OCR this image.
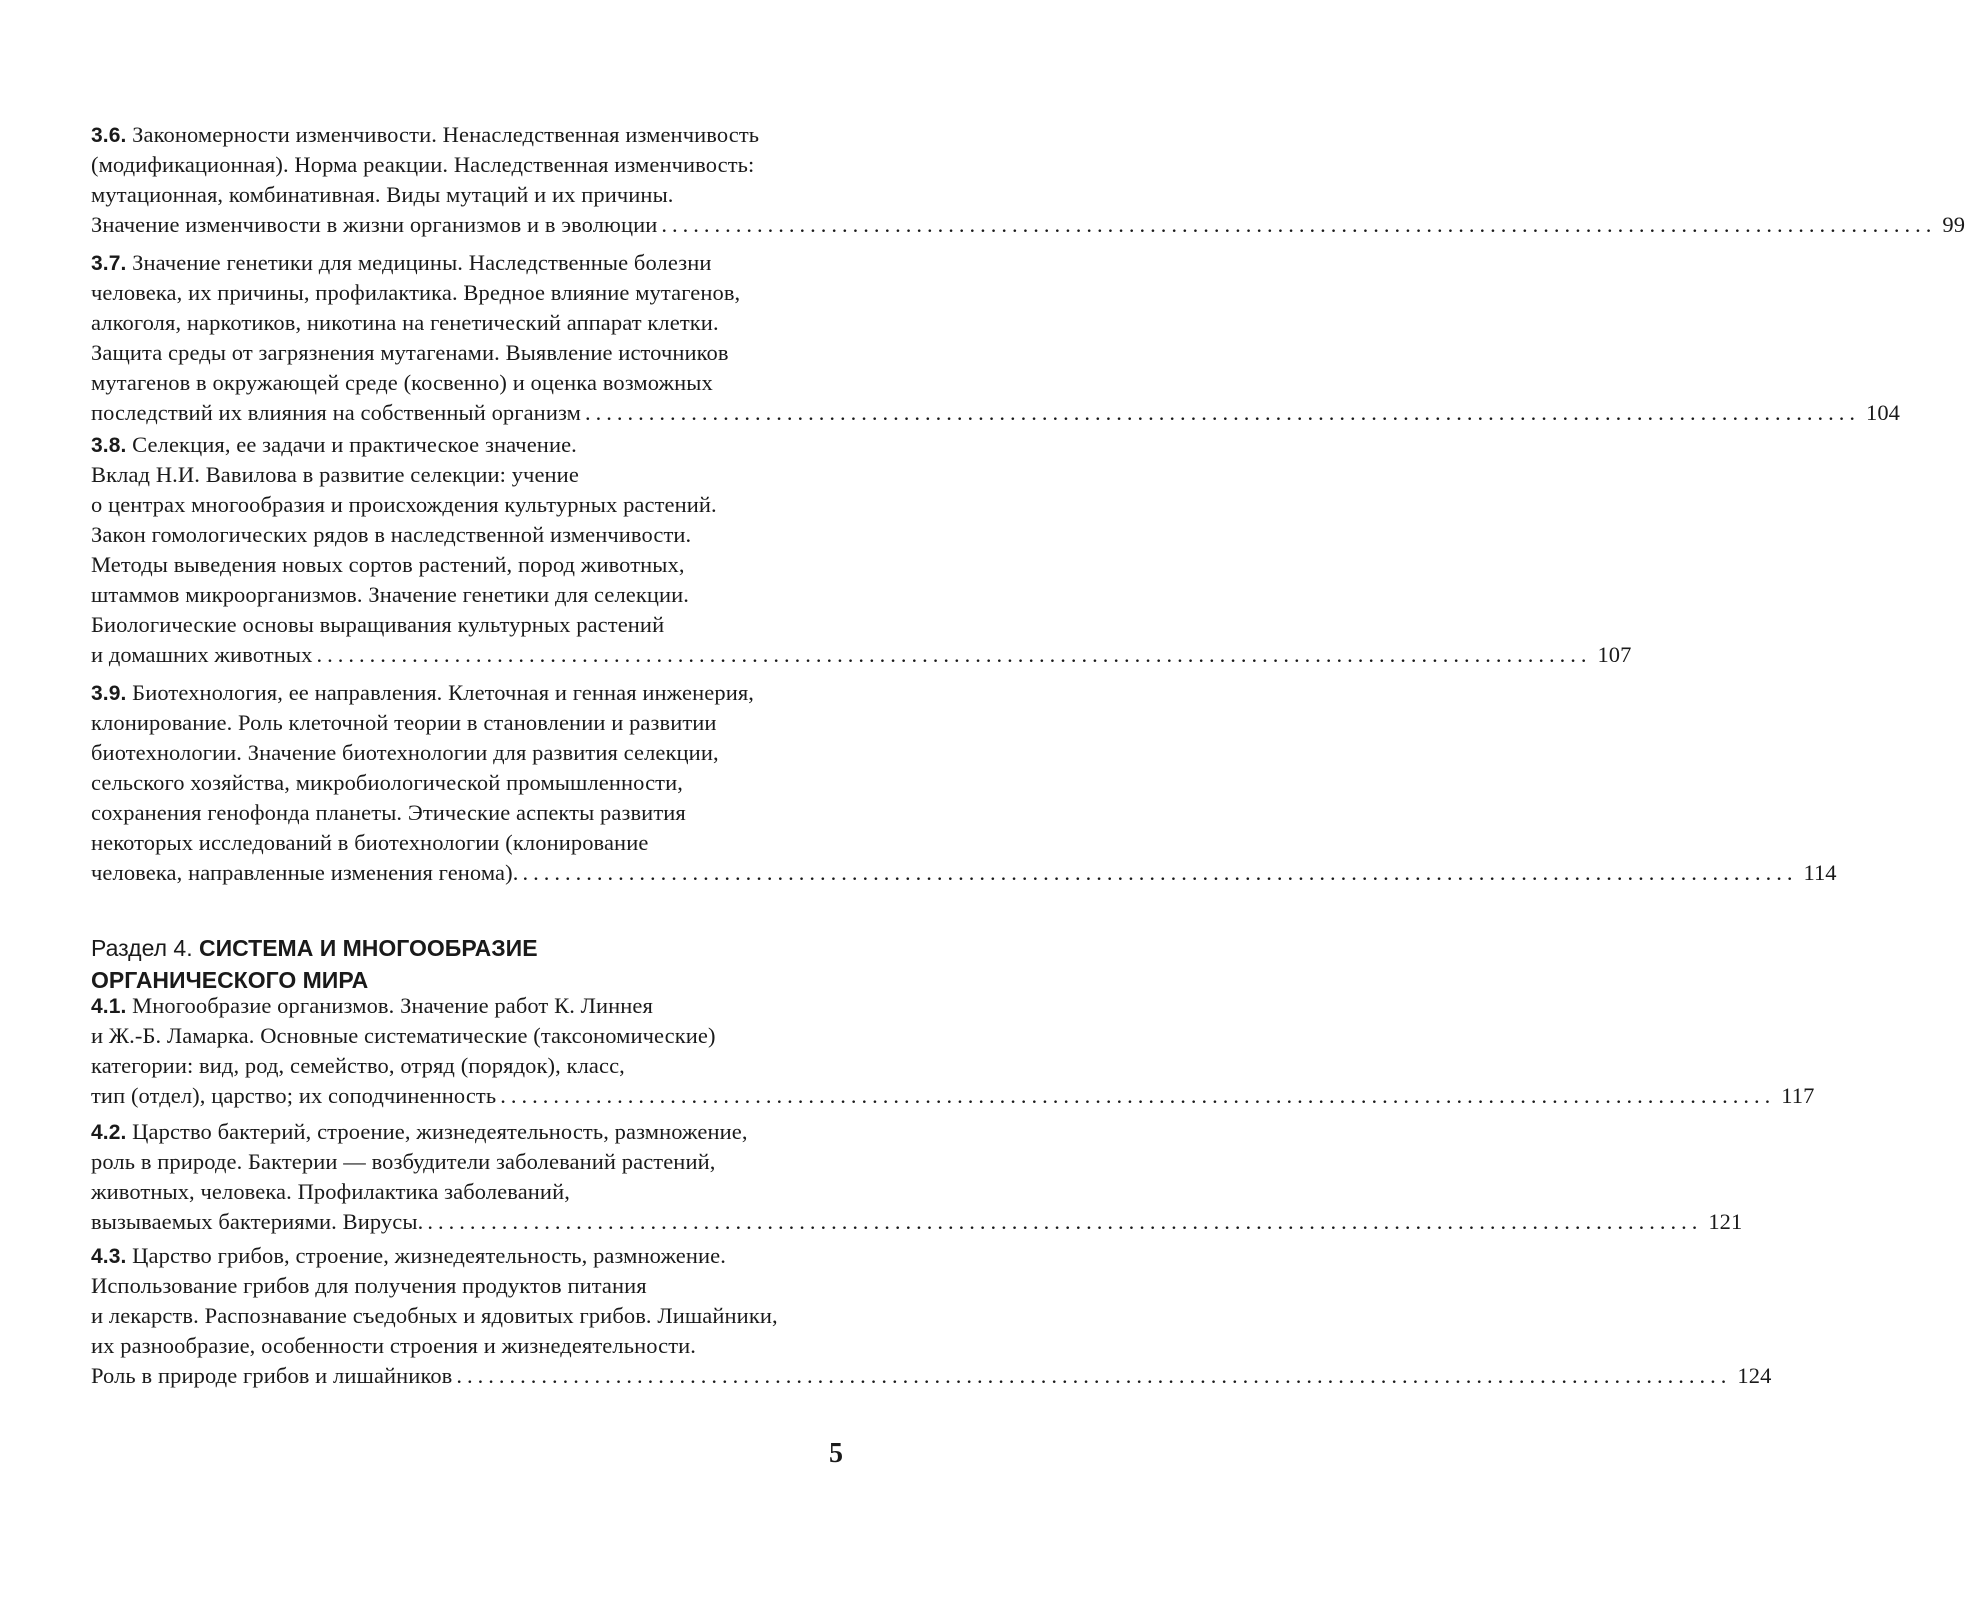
3.6. Закономерности изменчивости. Ненаследственная изменчивость
(модификационная). Норма реакции. Наследственная изменчивость:
мутационная, комбинативная. Виды мутаций и их причины.
Значение изменчивости в жизни организмов и в эволюции ........................................................................................................................ 99
3.7. Значение генетики для медицины. Наследственные болезни
человека, их причины, профилактика. Вредное влияние мутагенов,
алкоголя, наркотиков, никотина на генетический аппарат клетки.
Защита среды от загрязнения мутагенами. Выявление источников
мутагенов в окружающей среде (косвенно) и оценка возможных
последствий их влияния на собственный организм ........................................................................................................................ 104
3.8. Селекция, ее задачи и практическое значение.
Вклад Н.И. Вавилова в развитие селекции: учение
о центрах многообразия и происхождения культурных растений.
Закон гомологических рядов в наследственной изменчивости.
Методы выведения новых сортов растений, пород животных,
штаммов микроорганизмов. Значение генетики для селекции.
Биологические основы выращивания культурных растений
и домашних животных ........................................................................................................................ 107
3.9. Биотехнология, ее направления. Клеточная и генная инженерия,
клонирование. Роль клеточной теории в становлении и развитии
биотехнологии. Значение биотехнологии для развития селекции,
сельского хозяйства, микробиологической промышленности,
сохранения генофонда планеты. Этические аспекты развития
некоторых исследований в биотехнологии (клонирование
человека, направленные изменения генома). ........................................................................................................................ 114
Раздел 4. СИСТЕМА И МНОГООБРАЗИЕ
ОРГАНИЧЕСКОГО МИРА
4.1. Многообразие организмов. Значение работ К. Линнея
и Ж.-Б. Ламарка. Основные систематические (таксономические)
категории: вид, род, семейство, отряд (порядок), класс,
тип (отдел), царство; их соподчиненность ........................................................................................................................ 117
4.2. Царство бактерий, строение, жизнедеятельность, размножение,
роль в природе. Бактерии — возбудители заболеваний растений,
животных, человека. Профилактика заболеваний,
вызываемых бактериями. Вирусы. ........................................................................................................................ 121
4.3. Царство грибов, строение, жизнедеятельность, размножение.
Использование грибов для получения продуктов питания
и лекарств. Распознавание съедобных и ядовитых грибов. Лишайники,
их разнообразие, особенности строения и жизнедеятельности.
Роль в природе грибов и лишайников ........................................................................................................................ 124
5
